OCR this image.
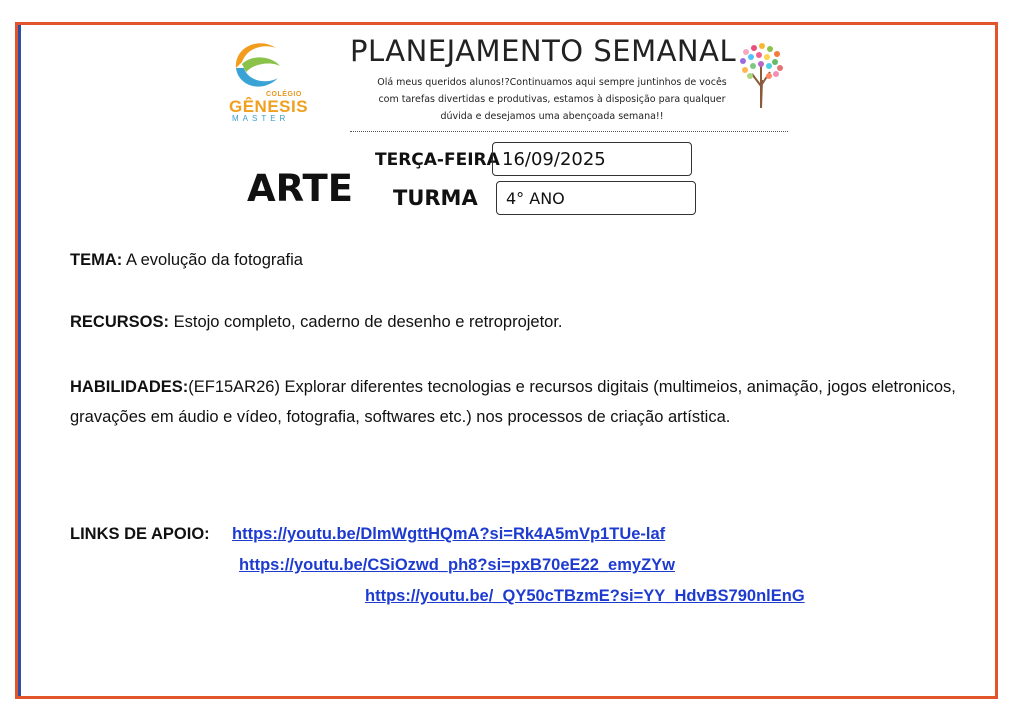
COLÉGIO
GÊNESIS
MASTER
PLANEJAMENTO SEMANAL
Olá meus queridos alunos!?Continuamos aqui sempre juntinhos de vocês com tarefas divertidas e produtivas, estamos à disposição para qualquer dúvida e desejamos uma abençoada semana!!
ARTE
TERÇA-FEIRA 16/09/2025
TURMA	4° ANO
TEMA: A evolução da fotografia
RECURSOS: Estojo completo, caderno de desenho e retroprojetor.
HABILIDADES:(EF15AR26) Explorar diferentes tecnologias e recursos digitais (multimeios, animação, jogos eletronicos, gravações em áudio e vídeo, fotografia, softwares etc.) nos processos de criação artística.
LINKS DE APOIO: https://youtu.be/DlmWgttHQmA?si=Rk4A5mVp1TUe-laf
https://youtu.be/CSiOzwd_ph8?si=pxB70eE22_emyZYw
https://youtu.be/_QY50cTBzmE?si=YY_HdvBS790nlEnG
